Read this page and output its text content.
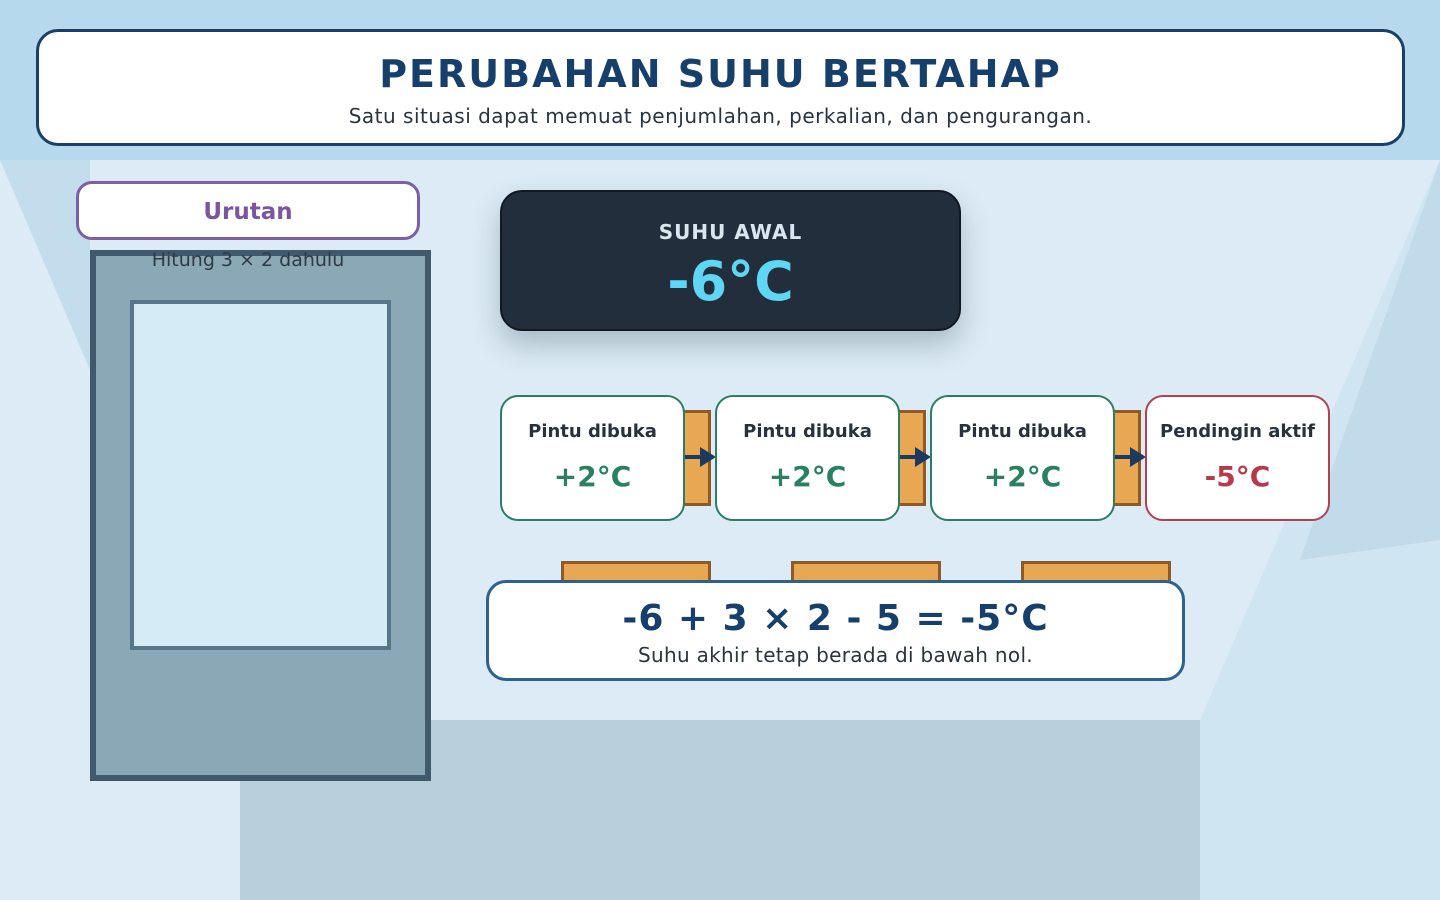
PERUBAHAN SUHU BERTAHAP

Satu situasi dapat memuat penjumlahan, perkalian, dan pengurangan.

Urutan
Hitung 3 × 2 dahulu
SUHU AWAL
-6°C
Pintu dibuka
+2°C
Pintu dibuka
+2°C
Pintu dibuka
+2°C
Pendingin aktif
-5°C
-6 + 3 × 2 - 5 = -5°C
Suhu akhir tetap berada di bawah nol.
